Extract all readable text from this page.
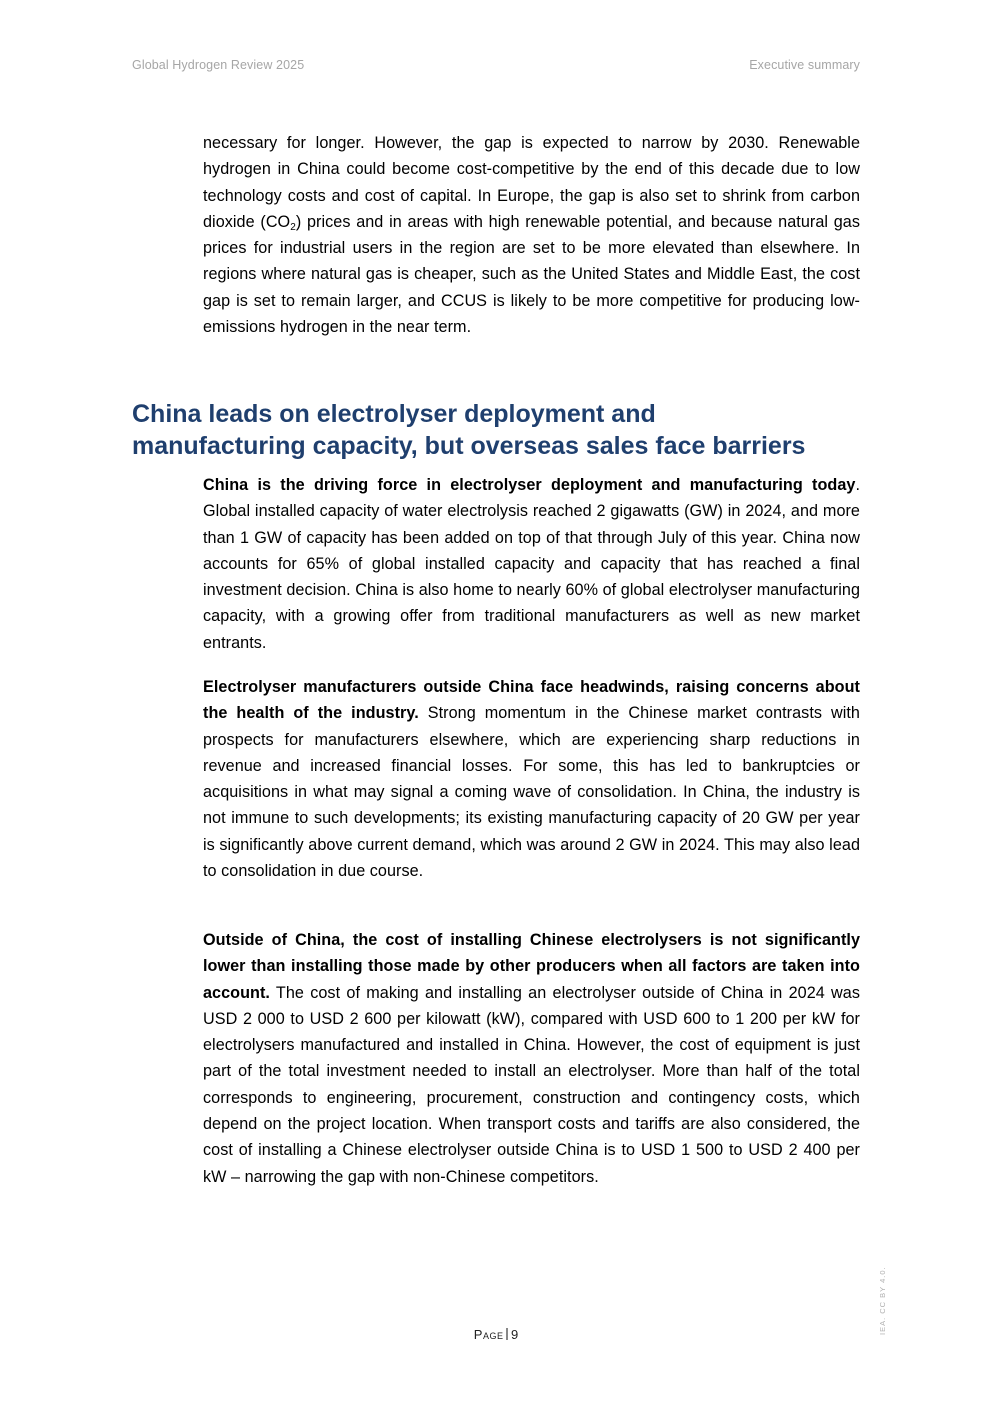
Global Hydrogen Review 2025	Executive summary

necessary for longer. However, the gap is expected to narrow by 2030. Renewable hydrogen in China could become cost-competitive by the end of this decade due to low technology costs and cost of capital. In Europe, the gap is also set to shrink from carbon dioxide $(CO_2)$ prices and in areas with high renewable potential, and because natural gas prices for industrial users in the region are set to be more elevated than elsewhere. In regions where natural gas is cheaper, such as the United States and Middle East, the cost gap is set to remain larger, and CCUS is likely to be more competitive for producing low-emissions hydrogen in the near term.

China leads on electrolyser deployment and
manufacturing capacity, but overseas sales face barriers

China is the driving force in electrolyser deployment and manufacturing today. Global installed capacity of water electrolysis reached 2 gigawatts (GW) in 2024, and more than 1 GW of capacity has been added on top of that through July of this year. China now accounts for 65% of global installed capacity and capacity that has reached a final investment decision. China is also home to nearly 60% of global electrolyser manufacturing capacity, with a growing offer from traditional manufacturers as well as new market entrants.

Electrolyser manufacturers outside China face headwinds, raising concerns about the health of the industry. Strong momentum in the Chinese market contrasts with prospects for manufacturers elsewhere, which are experiencing sharp reductions in revenue and increased financial losses. For some, this has led to bankruptcies or acquisitions in what may signal a coming wave of consolidation. In China, the industry is not immune to such developments; its existing manufacturing capacity of 20 GW per year is significantly above current demand, which was around 2 GW in 2024. This may also lead to consolidation in due course.

Outside of China, the cost of installing Chinese electrolysers is not significantly lower than installing those made by other producers when all factors are taken into account. The cost of making and installing an electrolyser outside of China in 2024 was USD 2 000 to USD 2 600 per kilowatt (kW), compared with USD 600 to 1 200 per kW for electrolysers manufactured and installed in China. However, the cost of equipment is just part of the total investment needed to install an electrolyser. More than half of the total corresponds to engineering, procurement, construction and contingency costs, which depend on the project location. When transport costs and tariffs are also considered, the cost of installing a Chinese electrolyser outside China is to USD 1 500 to USD 2 400 per kW – narrowing the gap with non-Chinese competitors.

Page 9	IEA. CC BY 4.0.
